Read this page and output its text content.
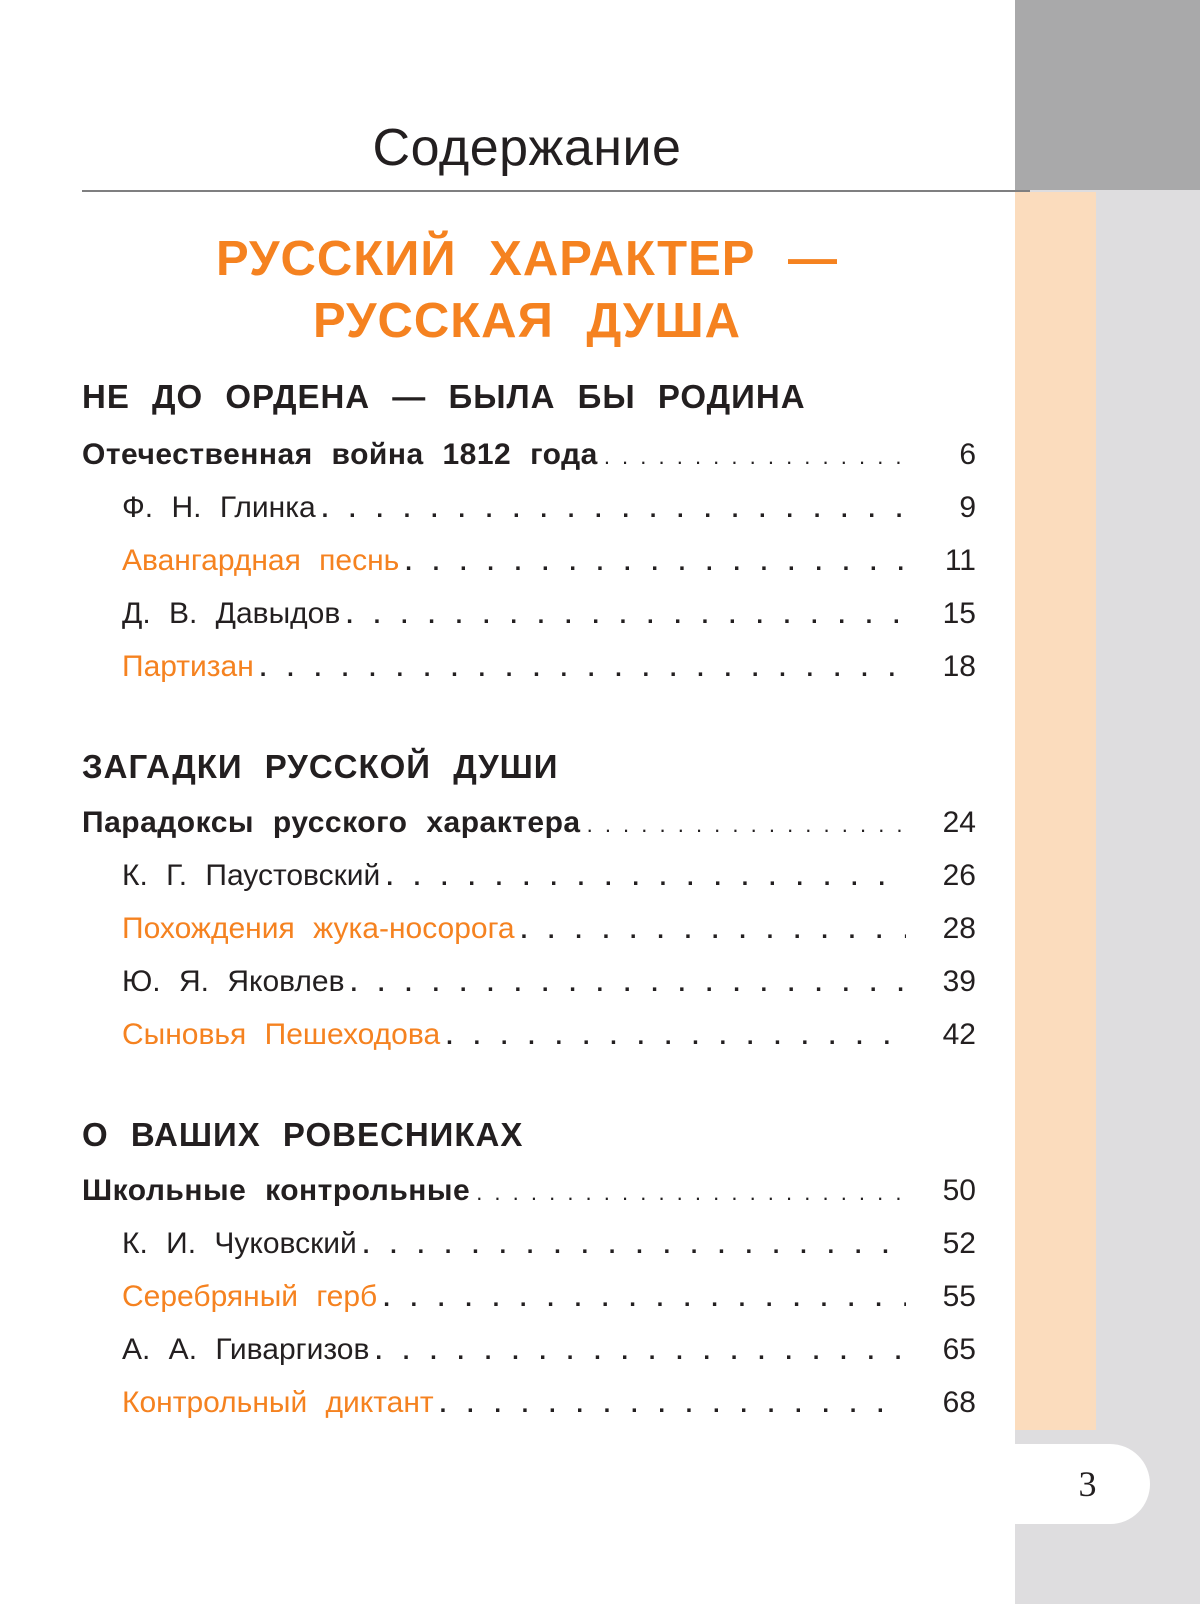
3
Содержание
РУССКИЙ ХАРАКТЕР —
РУССКАЯ ДУША
НЕ ДО ОРДЕНА — БЫЛА БЫ РОДИНА
Отечественная война 1812 года . . .	6
Ф. Н. Глинка . . .	9
Авангардная песнь . . .	11
Д. В. Давыдов . . .	15
Партизан . . .	18
ЗАГАДКИ РУССКОЙ ДУШИ
Парадоксы русского характера . . .	24
К. Г. Паустовский . . .	26
Похождения жука-носорога . . .	28
Ю. Я. Яковлев . . .	39
Сыновья Пешеходова . . .	42
О ВАШИХ РОВЕСНИКАХ
Школьные контрольные . . .	50
К. И. Чуковский . . .	52
Серебряный герб . . .	55
А. А. Гиваргизов . . .	65
Контрольный диктант . . .	68
